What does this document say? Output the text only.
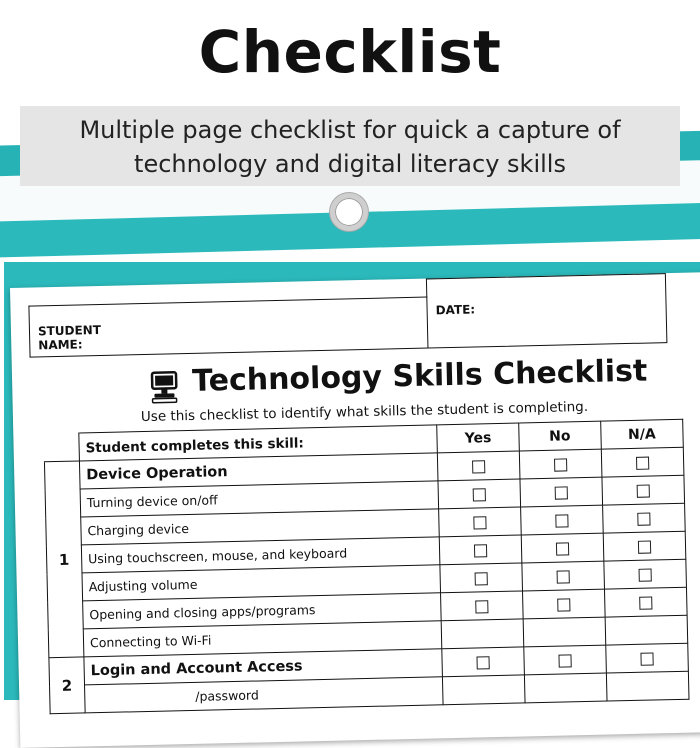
Checklist
Multiple page checklist for quick a capture of
technology and digital literacy skills
STUDENT
NAME:
DATE:
Technology Skills Checklist
Use this checklist to identify what skills the student is completing.
	Student completes this skill:	Yes	No	N/A
1	Device Operation			
	Turning device on/off			
	Charging device			
	Using touchscreen, mouse, and keyboard			
	Adjusting volume			
	Opening and closing apps/programs			
	Connecting to Wi-Fi			
2	Login and Account Access			
	/password			
